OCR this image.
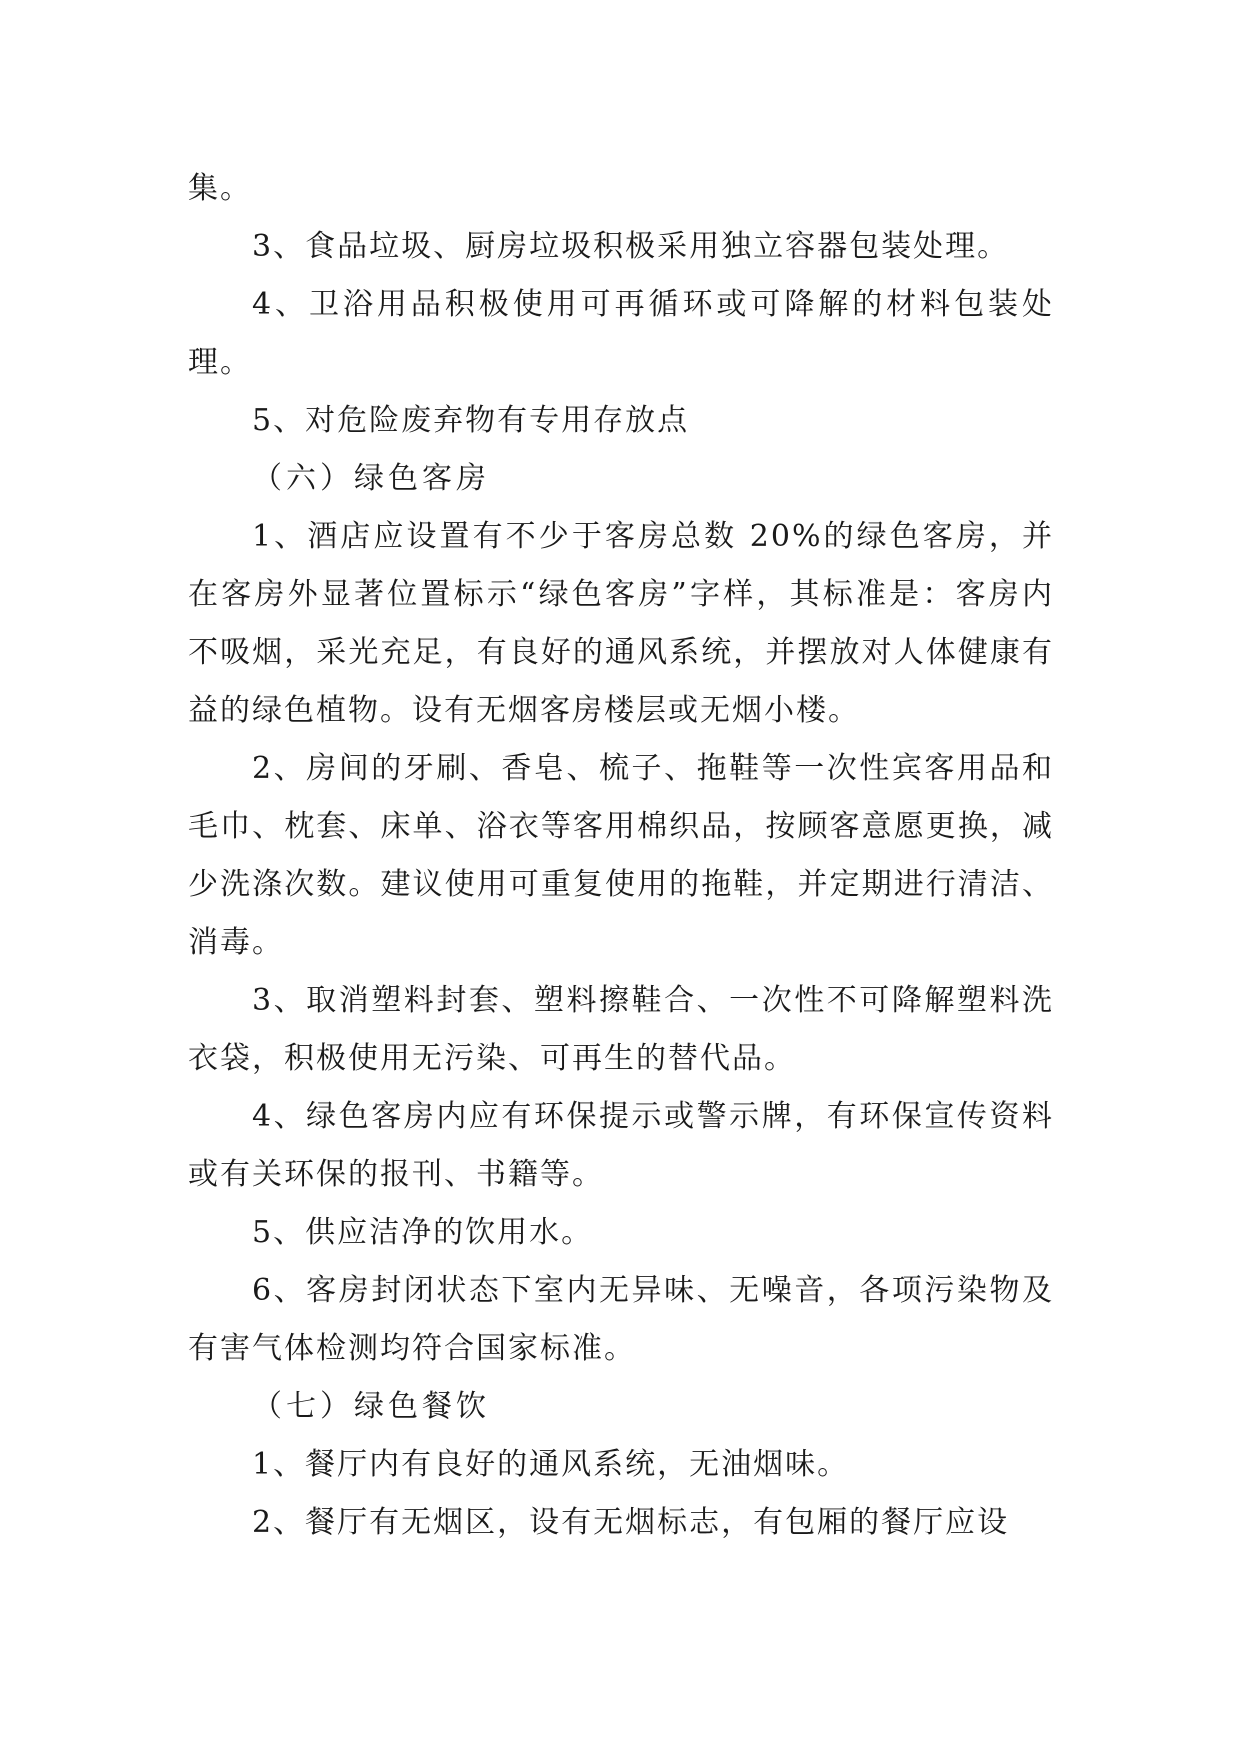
集。

3、食品垃圾、厨房垃圾积极采用独立容器包装处理。

4、卫浴用品积极使用可再循环或可降解的材料包装处理。

5、对危险废弃物有专用存放点

（六）绿色客房

1、酒店应设置有不少于客房总数 20%的绿色客房，并在客房外显著位置标示“绿色客房”字样，其标准是：客房内不吸烟，采光充足，有良好的通风系统，并摆放对人体健康有益的绿色植物。设有无烟客房楼层或无烟小楼。

2、房间的牙刷、香皂、梳子、拖鞋等一次性宾客用品和毛巾、枕套、床单、浴衣等客用棉织品，按顾客意愿更换，减少洗涤次数。建议使用可重复使用的拖鞋，并定期进行清洁、消毒。

3、取消塑料封套、塑料擦鞋合、一次性不可降解塑料洗衣袋，积极使用无污染、可再生的替代品。

4、绿色客房内应有环保提示或警示牌，有环保宣传资料或有关环保的报刊、书籍等。

5、供应洁净的饮用水。

6、客房封闭状态下室内无异味、无噪音，各项污染物及有害气体检测均符合国家标准。

（七）绿色餐饮

1、餐厅内有良好的通风系统，无油烟味。

2、餐厅有无烟区，设有无烟标志，有包厢的餐厅应设
